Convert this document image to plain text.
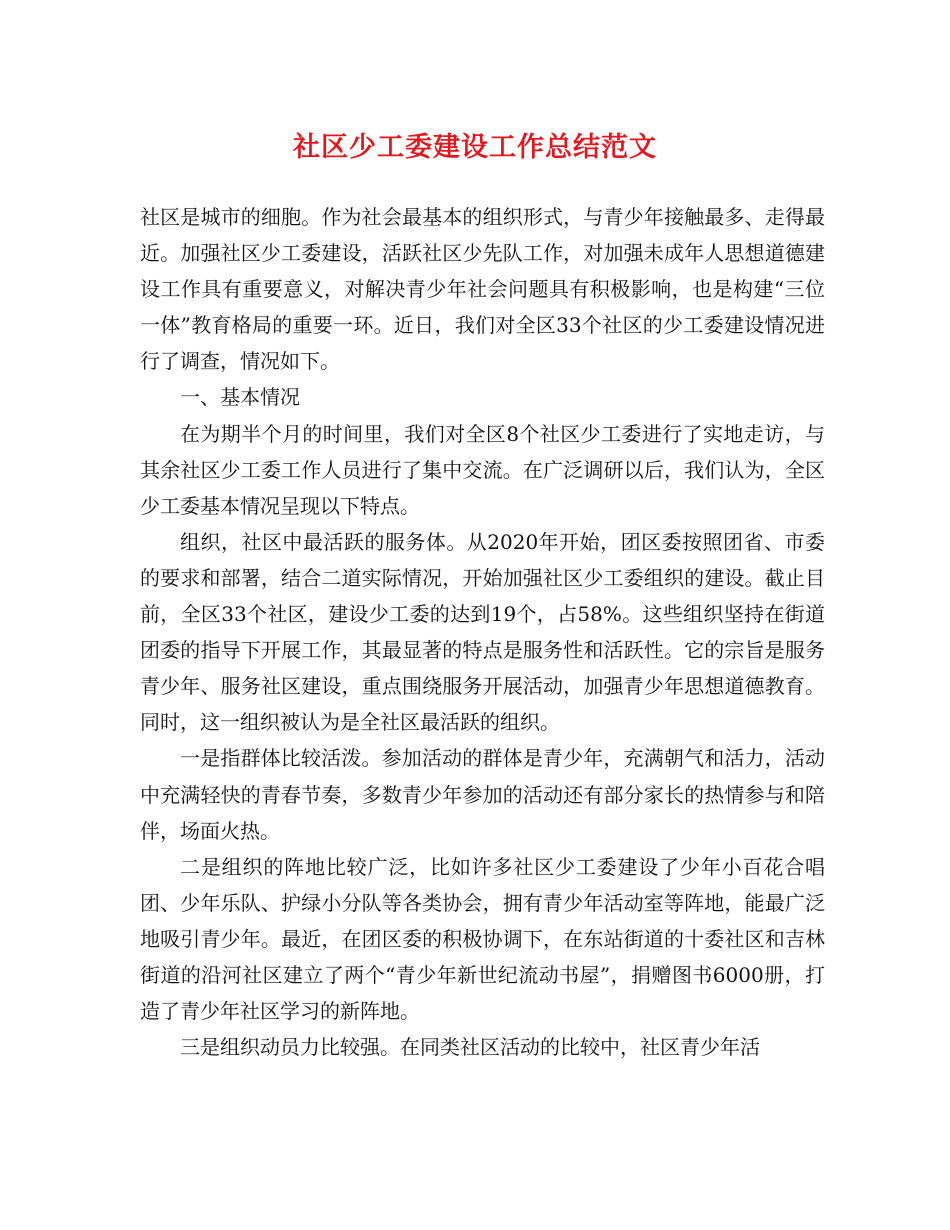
社区少工委建设工作总结范文

社区是城市的细胞。作为社会最基本的组织形式，与青少年接触最多、走得最近。加强社区少工委建设，活跃社区少先队工作，对加强未成年人思想道德建设工作具有重要意义，对解决青少年社会问题具有积极影响，也是构建“三位一体”教育格局的重要一环。近日，我们对全区33个社区的少工委建设情况进行了调查，情况如下。

一、基本情况

在为期半个月的时间里，我们对全区8个社区少工委进行了实地走访，与其余社区少工委工作人员进行了集中交流。在广泛调研以后，我们认为，全区少工委基本情况呈现以下特点。

组织，社区中最活跃的服务体。从2020年开始，团区委按照团省、市委的要求和部署，结合二道实际情况，开始加强社区少工委组织的建设。截止目前，全区33个社区，建设少工委的达到19个，占58%。这些组织坚持在街道团委的指导下开展工作，其最显著的特点是服务性和活跃性。它的宗旨是服务青少年、服务社区建设，重点围绕服务开展活动，加强青少年思想道德教育。同时，这一组织被认为是全社区最活跃的组织。

一是指群体比较活泼。参加活动的群体是青少年，充满朝气和活力，活动中充满轻快的青春节奏，多数青少年参加的活动还有部分家长的热情参与和陪伴，场面火热。

二是组织的阵地比较广泛，比如许多社区少工委建设了少年小百花合唱团、少年乐队、护绿小分队等各类协会，拥有青少年活动室等阵地，能最广泛地吸引青少年。最近，在团区委的积极协调下，在东站街道的十委社区和吉林街道的沿河社区建立了两个“青少年新世纪流动书屋”，捐赠图书6000册，打造了青少年社区学习的新阵地。

三是组织动员力比较强。在同类社区活动的比较中，社区青少年活
